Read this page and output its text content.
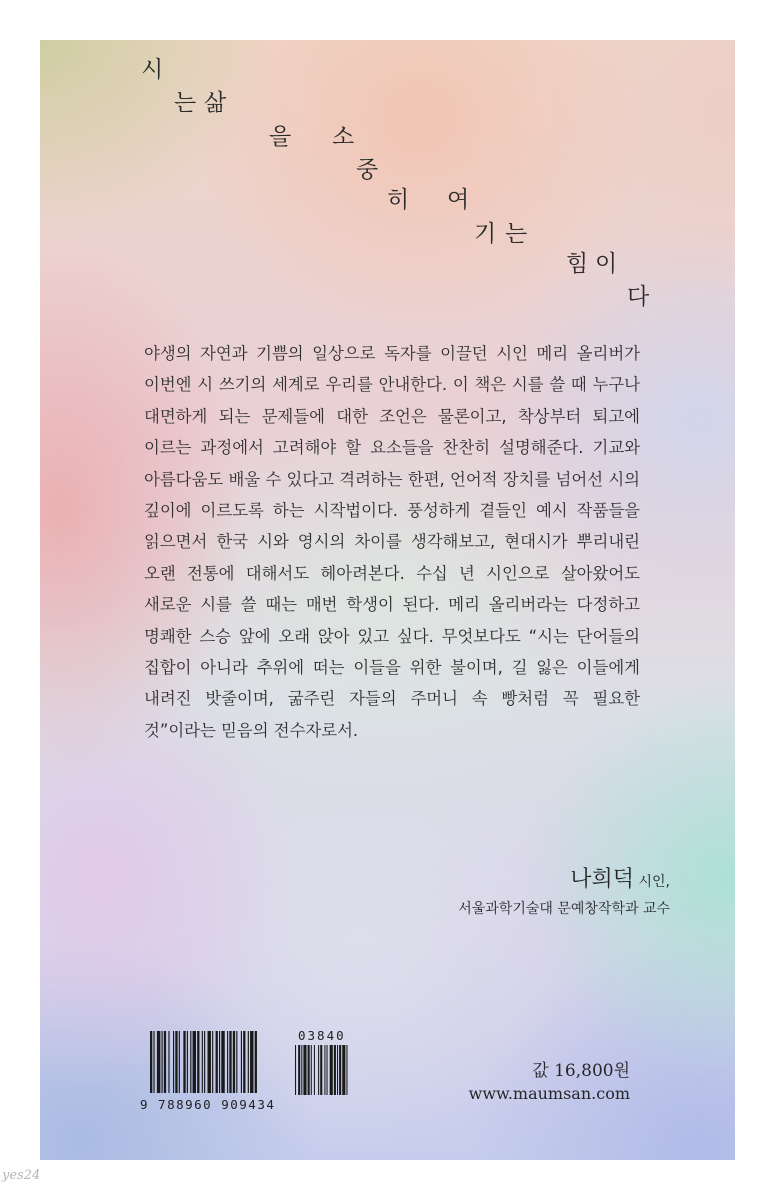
시
는 삶
을 소
중
히 여
기 는
힘 이
다

야생의 자연과 기쁨의 일상으로 독자를 이끌던 시인 메리 올리버가 이번엔 시 쓰기의 세계로 우리를 안내한다. 이 책은 시를 쓸 때 누구나 대면하게 되는 문제들에 대한 조언은 물론이고, 착상부터 퇴고에 이르는 과정에서 고려해야 할 요소들을 찬찬히 설명해준다. 기교와 아름다움도 배울 수 있다고 격려하는 한편, 언어적 장치를 넘어선 시의 깊이에 이르도록 하는 시작법이다. 풍성하게 곁들인 예시 작품들을 읽으면서 한국 시와 영시의 차이를 생각해보고, 현대시가 뿌리내린 오랜 전통에 대해서도 헤아려본다. 수십 년 시인으로 살아왔어도 새로운 시를 쓸 때는 매번 학생이 된다. 메리 올리버라는 다정하고 명쾌한 스승 앞에 오래 앉아 있고 싶다. 무엇보다도 “시는 단어들의 집합이 아니라 추위에 떠는 이들을 위한 불이며, 길 잃은 이들에게 내려진 밧줄이며, 굶주린 자들의 주머니 속 빵처럼 꼭 필요한 것”이라는 믿음의 전수자로서.

나희덕 시인,
서울과학기술대 문예창작학과 교수
03840
9 788960 909434
값 16,800원
www.maumsan.com
yes24
